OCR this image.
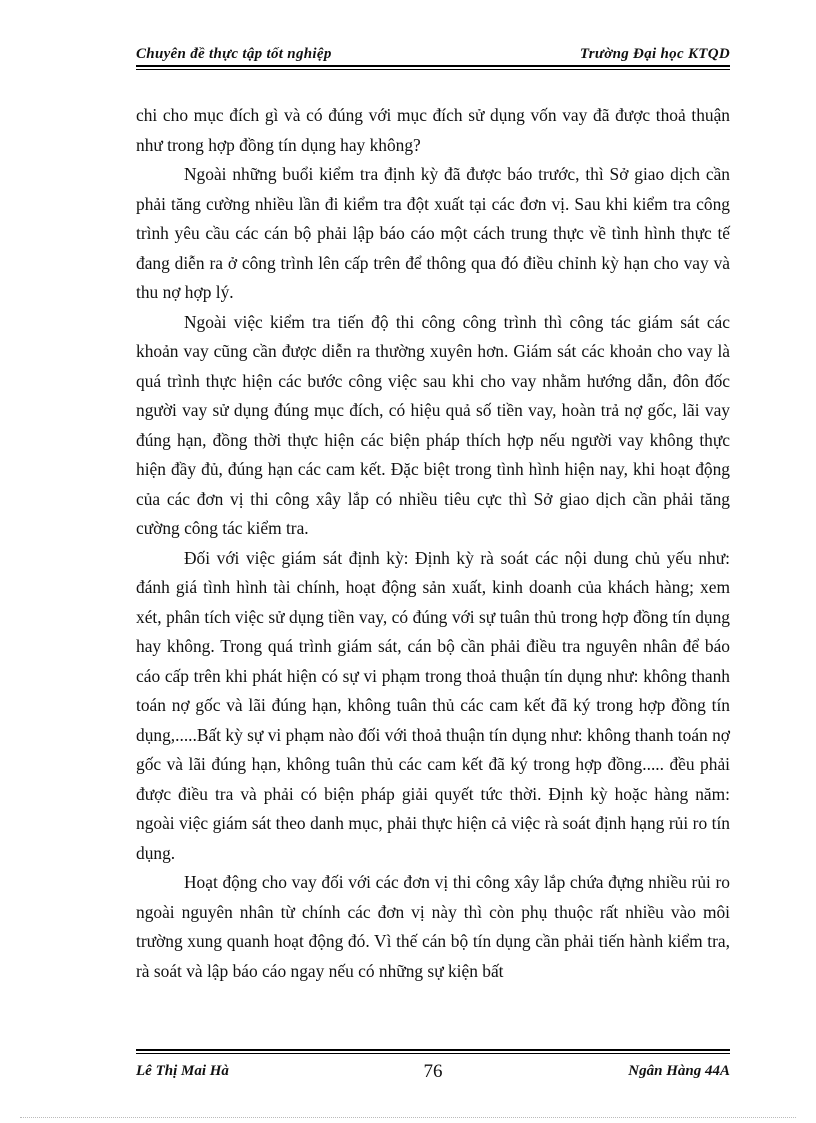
Chuyên đề thực tập tốt nghiệp	Trường Đại học KTQD

chi cho mục đích gì và có đúng với mục đích sử dụng vốn vay đã được thoả thuận như trong hợp đồng tín dụng hay không?

Ngoài những buổi kiểm tra định kỳ đã được báo trước, thì Sở giao dịch cần phải tăng cường nhiều lần đi kiểm tra đột xuất tại các đơn vị. Sau khi kiểm tra công trình yêu cầu các cán bộ phải lập báo cáo một cách trung thực về tình hình thực tế đang diễn ra ở công trình lên cấp trên để thông qua đó điều chỉnh kỳ hạn cho vay và thu nợ hợp lý.

Ngoài việc kiểm tra tiến độ thi công công trình thì công tác giám sát các khoản vay cũng cần được diễn ra thường xuyên hơn. Giám sát các khoản cho vay là quá trình thực hiện các bước công việc sau khi cho vay nhằm hướng dẫn, đôn đốc người vay sử dụng đúng mục đích, có hiệu quả số tiền vay, hoàn trả nợ gốc, lãi vay đúng hạn, đồng thời thực hiện các biện pháp thích hợp nếu người vay không thực hiện đầy đủ, đúng hạn các cam kết. Đặc biệt trong tình hình hiện nay, khi hoạt động của các đơn vị thi công xây lắp có nhiều tiêu cực thì Sở giao dịch cần phải tăng cường công tác kiểm tra.

Đối với việc giám sát định kỳ: Định kỳ rà soát các nội dung chủ yếu như: đánh giá tình hình tài chính, hoạt động sản xuất, kinh doanh của khách hàng; xem xét, phân tích việc sử dụng tiền vay, có đúng với sự tuân thủ trong hợp đồng tín dụng hay không. Trong quá trình giám sát, cán bộ cần phải điều tra nguyên nhân để báo cáo cấp trên khi phát hiện có sự vi phạm trong thoả thuận tín dụng như: không thanh toán nợ gốc và lãi đúng hạn, không tuân thủ các cam kết đã ký trong hợp đồng tín dụng,.....Bất kỳ sự vi phạm nào đối với thoả thuận tín dụng như: không thanh toán nợ gốc và lãi đúng hạn, không tuân thủ các cam kết đã ký trong hợp đồng..... đều phải được điều tra và phải có biện pháp giải quyết tức thời. Định kỳ hoặc hàng năm: ngoài việc giám sát theo danh mục, phải thực hiện cả việc rà soát định hạng rủi ro tín dụng.

Hoạt động cho vay đối với các đơn vị thi công xây lắp chứa đựng nhiều rủi ro ngoài nguyên nhân từ chính các đơn vị này thì còn phụ thuộc rất nhiều vào môi trường xung quanh hoạt động đó. Vì thế cán bộ tín dụng cần phải tiến hành kiểm tra, rà soát và lập báo cáo ngay nếu có những sự kiện bất

Lê Thị Mai Hà	76	Ngân Hàng 44A
